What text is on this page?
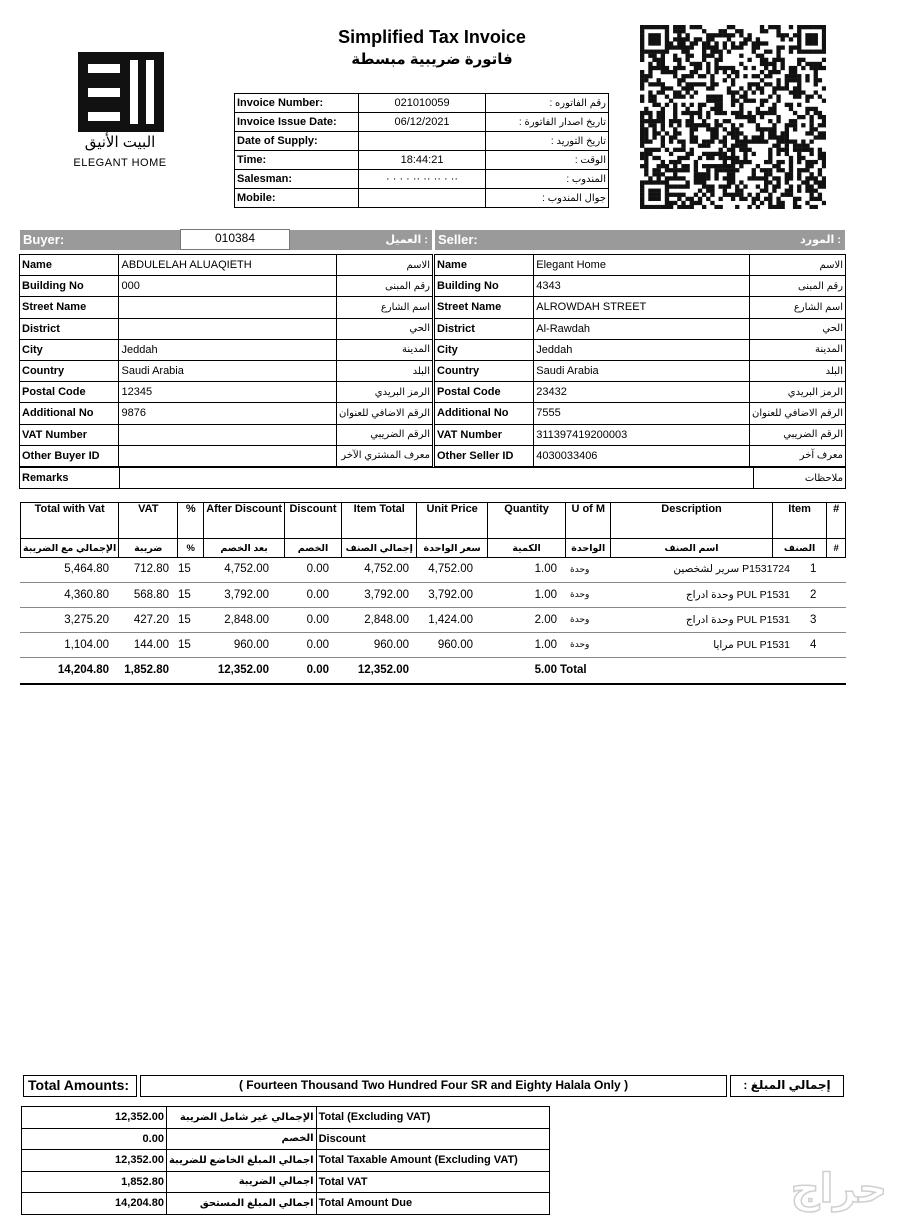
Simplified Tax Invoice
فاتورة ضريبية مبسطة
البيت الأنيق
ELEGANT HOME
Invoice Number:	021010059	رقم الفاتوره :
Invoice Issue Date:	06/12/2021	تاريخ اصدار الفاتورة :
Date of Supply:		تاريخ التوريد :
Time:	18:44:21	الوقت :
Salesman:	· · · · ·· ·· ·· · ··	المندوب :
Mobile:		جوال المندوب :
Buyer:	010384	العميل : Seller:	المورد :
Name	ABDULELAH ALUAQIETH	الاسم
Building No	000	رقم المبنى
Street Name		اسم الشارع
District		الحي
City	Jeddah	المدينة
Country	Saudi Arabia	البلد
Postal Code	12345	الرمز البريدي
Additional No	9876	الرقم الاضافي للعنوان
VAT Number		الرقم الضريبي
Other Buyer ID		معرف المشتري الآخر
Name	Elegant Home	الاسم
Building No	4343	رقم المبنى
Street Name	ALROWDAH STREET	اسم الشارع
District	Al-Rawdah	الحي
City	Jeddah	المدينة
Country	Saudi Arabia	البلد
Postal Code	23432	الرمز البريدي
Additional No	7555	الرقم الاضافي للعنوان
VAT Number	311397419200003	الرقم الضريبي
Other Seller ID	4030033406	معرف آخر
Remarks		ملاحظات
Total with Vat	VAT	%	After Discount	Discount	Item Total	Unit Price	Quantity	U of M	Description	Item	#
الإجمالي مع الضريبة	ضريبة	%	بعد الخصم	الخصم	إجمالي الصنف	سعر الواحدة	الكمية	الواحدة	اسم الصنف	الصنف	#
5,464.80	712.80	15	4,752.00	0.00	4,752.00	4,752.00	1.00	وحدة	P1531724 سرير لشخصين		1
4,360.80	568.80	15	3,792.00	0.00	3,792.00	3,792.00	1.00	وحدة	PUL P1531 وحدة ادراج		2
3,275.20	427.20	15	2,848.00	0.00	2,848.00	1,424.00	2.00	وحدة	PUL P1531 وحدة ادراج		3
1,104.00	144.00	15	960.00	0.00	960.00	960.00	1.00	وحدة	PUL P1531 مرايا		4
14,204.80	1,852.80		12,352.00	0.00	12,352.00		5.00	Total			
Total Amounts:	( Fourteen Thousand Two Hundred Four SR and Eighty Halala Only )	إجمالي المبلغ :
12,352.00	الإجمالي غير شامل الضريبة	Total (Excluding VAT)
0.00	الخصم	Discount
12,352.00	اجمالي المبلغ الخاضع للضريبة	Total Taxable Amount (Excluding VAT)
1,852.80	اجمالي الضريبة	Total VAT
14,204.80	اجمالي المبلغ المستحق	Total Amount Due	حراج
